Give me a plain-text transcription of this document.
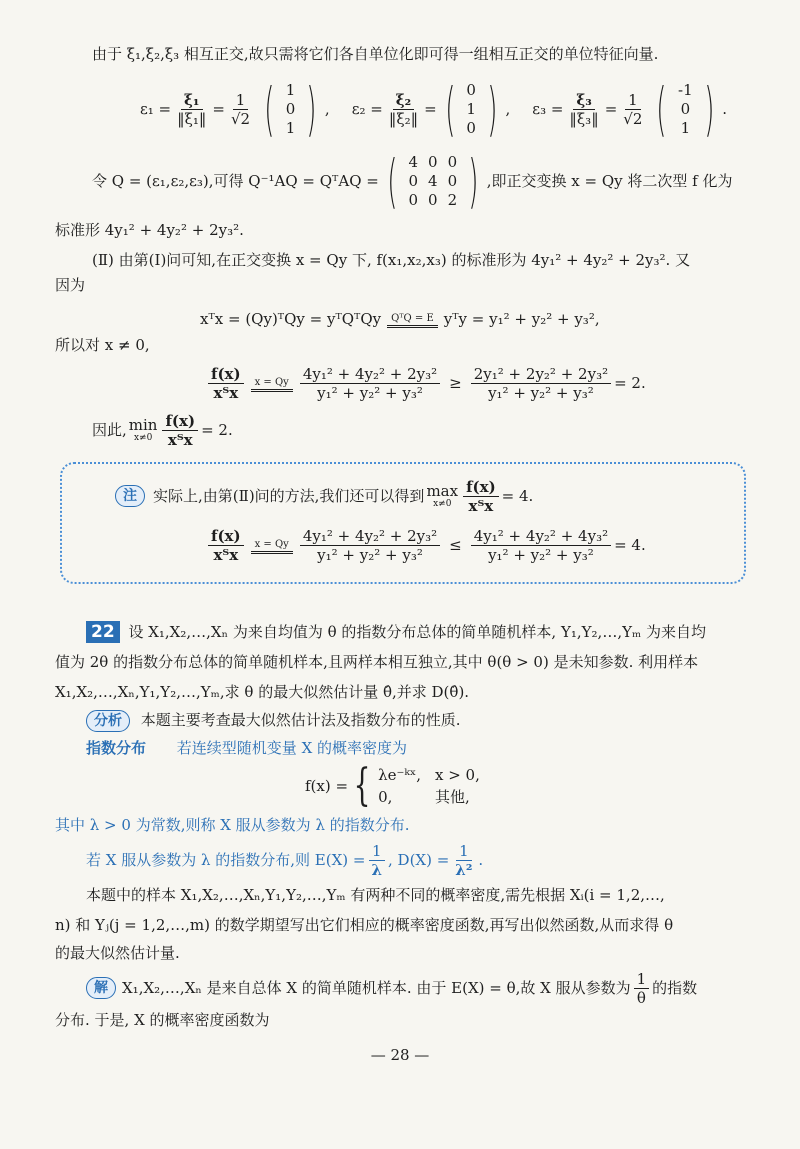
由于 ξ₁,ξ₂,ξ₃ 相互正交,故只需将它们各自单位化即可得一组相互正交的单位特征向量.
$\varepsilon_1 = \frac{\text{ξ₁}}{\text{‖ξ₁‖}} = \frac{1}{√2}$ ( 1
0
1 ) , $\varepsilon_2 = \frac{\text{ξ₂}}{\text{‖ξ₂‖}}$ = ( 0
1
0 ) , $\varepsilon_3 = \frac{\text{ξ₃}}{\text{‖ξ₃‖}} = \frac{1}{√2}$ ( -1
0
1 ) .
令 Q = (ε₁,ε₂,ε₃),可得 Q⁻¹AQ = QᵀAQ = ( 4	0	0
0	4	0
0	0	2 ) ,即正交变换 x = Qy 将二次型 f 化为
标准形 4y₁² + 4y₂² + 2y₃².
(Ⅱ) 由第(Ⅰ)问可知,在正交变换 x = Qy 下, f(x₁,x₂,x₃) 的标准形为 4y₁² + 4y₂² + 2y₃². 又
因为
xᵀx = (Qy)ᵀQy = yᵀQᵀQy	QᵀQ = E yᵀy = y₁² + y₂² + y₃²,
所以对 x ≠ 0,
$\frac{f(x)}{\text{xᵀx}}$	x = Qy $\frac{\text{4y₁² + 4y₂² + 2y₃²}}{\text{y₁² + y₂² + y₃²}} \ge \frac{\text{2y₁² + 2y₂² + 2y₃²}}{\text{y₁² + y₂² + y₃²}} = 2$.
因此, min
$x\ne 0 \frac{f(x)}{\text{xᵀx}} = 2$.
注	实际上,由第(Ⅱ)问的方法,我们还可以得到 max
$x\ne 0 \frac{f(x)}{\text{xᵀx}} = 4$.
$\frac{f(x)}{\text{xᵀx}}$	x = Qy $\frac{\text{4y₁² + 4y₂² + 2y₃²}}{\text{y₁² + y₂² + y₃²}} \le \frac{\text{4y₁² + 4y₂² + 4y₃²}}{\text{y₁² + y₂² + y₃²}} = 4$.
22 设 X₁,X₂,…,Xₙ 为来自均值为 θ 的指数分布总体的简单随机样本, Y₁,Y₂,…,Yₘ 为来自均
值为 2θ 的指数分布总体的简单随机样本,且两样本相互独立,其中 θ(θ > 0) 是未知参数. 利用样本
X₁,X₂,…,Xₙ,Y₁,Y₂,…,Yₘ,求 θ 的最大似然估计量 θ̂,并求 D(θ̂).
分析 本题主要考查最大似然估计法及指数分布的性质.
指数分布 若连续型随机变量 X 的概率密度为
f(x) = { λe⁻ᵏˣ,	x > 0,
0,	其他,
其中 λ > 0 为常数,则称 X 服从参数为 λ 的指数分布.
若 X 服从参数为 λ 的指数分布,则 $E(X) = \frac{1}{\lambda}$ , $D(X) = \frac{1}{\text{λ²}}$ .
本题中的样本 X₁,X₂,…,Xₙ,Y₁,Y₂,…,Yₘ 有两种不同的概率密度,需先根据 Xᵢ(i = 1,2,…,
n) 和 Yⱼ(j = 1,2,…,m) 的数学期望写出它们相应的概率密度函数,再写出似然函数,从而求得 θ
的最大似然估计量.
解 X₁,X₂,…,Xₙ 是来自总体 X 的简单随机样本. 由于 E(X) = θ,故 X 服从参数为 $\frac{1}{\theta}$ 的指数
分布. 于是, X 的概率密度函数为
— 28 —
